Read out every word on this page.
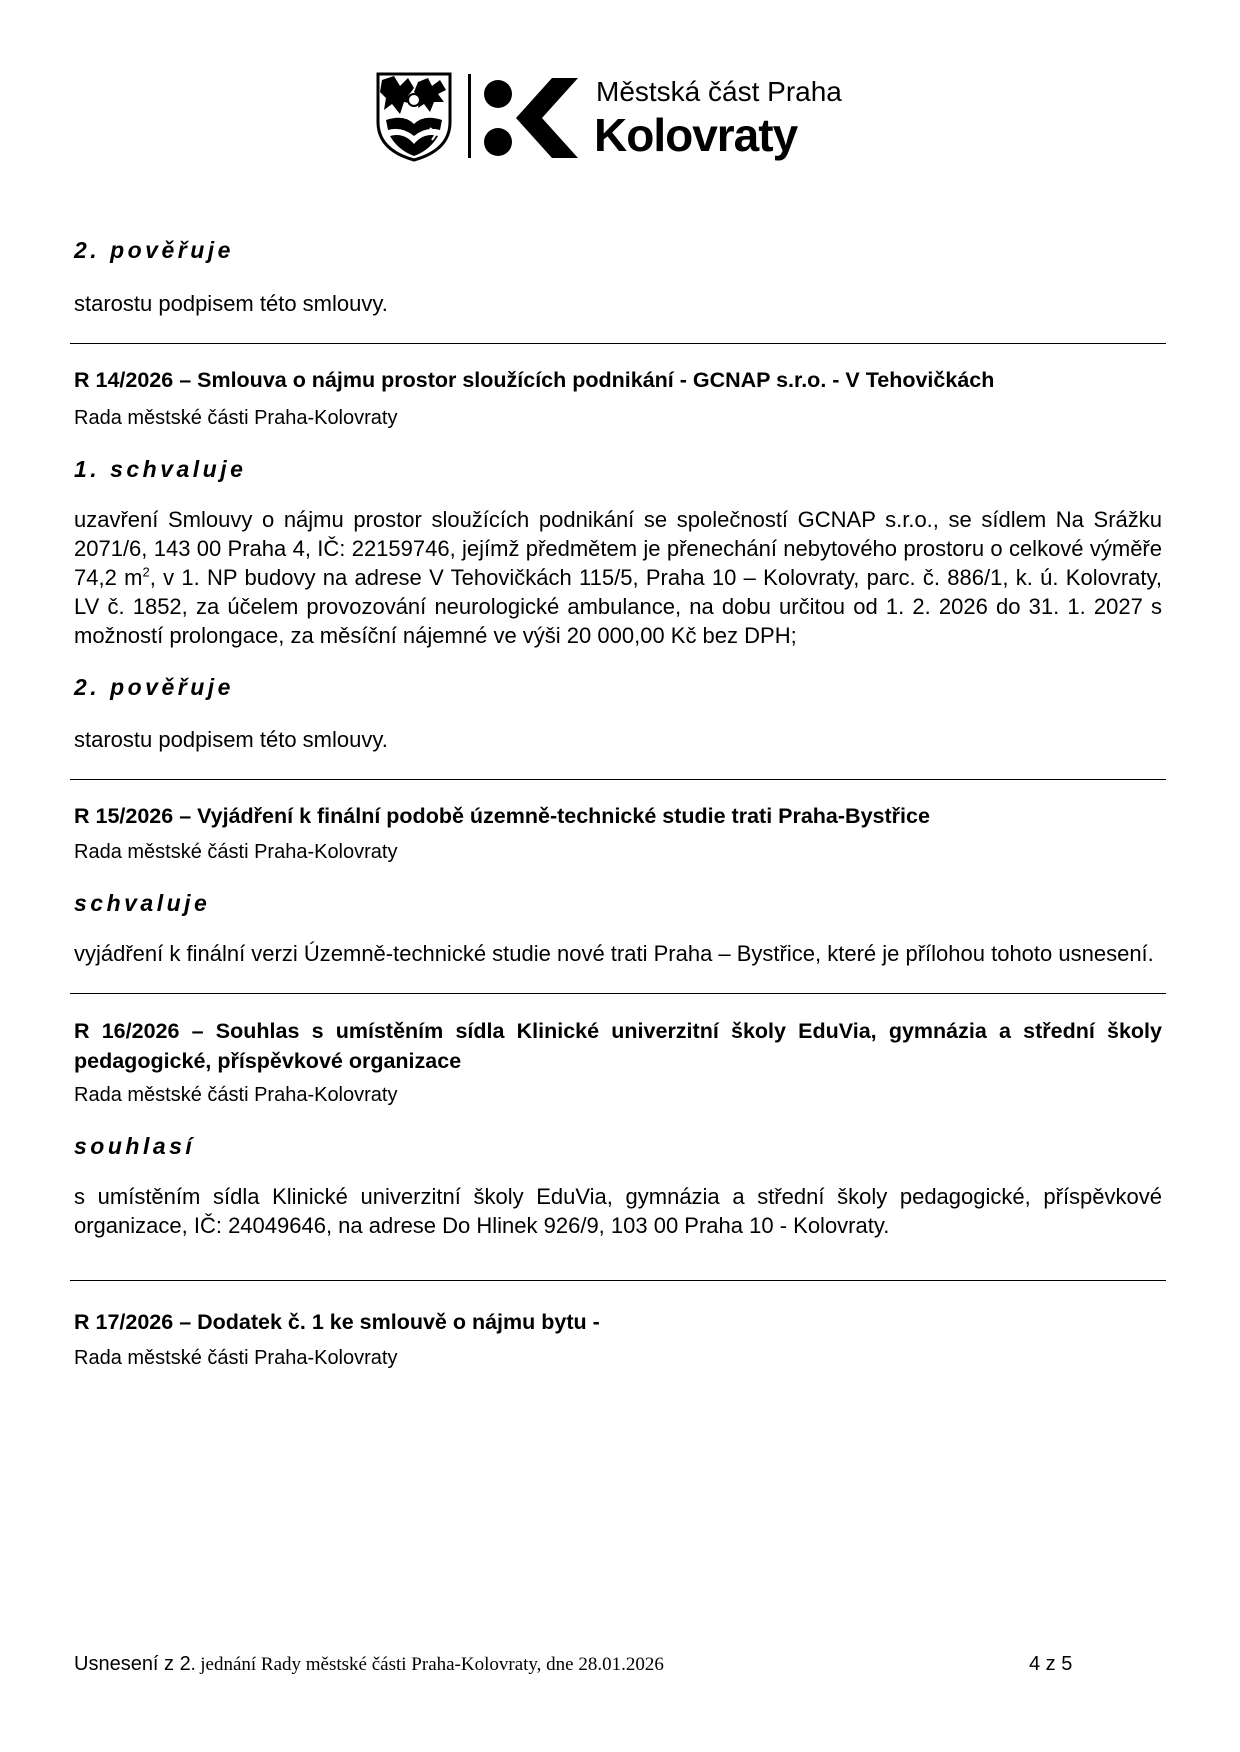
Městská část Praha
Kolovraty

2. pověřuje

starostu podpisem této smlouvy.

R 14/2026 – Smlouva o nájmu prostor sloužících podnikání - GCNAP s.r.o. - V Tehovičkách

Rada městské části Praha-Kolovraty

1. schvaluje

uzavření Smlouvy o nájmu prostor sloužících podnikání se společností GCNAP s.r.o., se sídlem Na Srážku 2071/6, 143 00 Praha 4, IČ: 22159746, jejímž předmětem je přenechání nebytového prostoru o celkové výměře 74,2 $m^2$, v 1. NP budovy na adrese V Tehovičkách 115/5, Praha 10 – Kolovraty, parc. č. 886/1, k. ú. Kolovraty, LV č. 1852, za účelem provozování neurologické ambulance, na dobu určitou od 1. 2. 2026 do 31. 1. 2027 s možností prolongace, za měsíční nájemné ve výši 20 000,00 Kč bez DPH;

2. pověřuje

starostu podpisem této smlouvy.

R 15/2026 – Vyjádření k finální podobě územně-technické studie trati Praha-Bystřice

Rada městské části Praha-Kolovraty

schvaluje

vyjádření k finální verzi Územně-technické studie nové trati Praha – Bystřice, které je přílohou tohoto usnesení.

R 16/2026 – Souhlas s umístěním sídla Klinické univerzitní školy EduVia, gymnázia a střední školy pedagogické, příspěvkové organizace

Rada městské části Praha-Kolovraty

souhlasí

s umístěním sídla Klinické univerzitní školy EduVia, gymnázia a střední školy pedagogické, příspěvkové organizace, IČ: 24049646, na adrese Do Hlinek 926/9, 103 00 Praha 10 - Kolovraty.

R 17/2026 – Dodatek č. 1 ke smlouvě o nájmu bytu -

Rada městské části Praha-Kolovraty

Usnesení z 2. jednání Rady městské části Praha-Kolovraty, dne 28.01.2026	4 z 5
